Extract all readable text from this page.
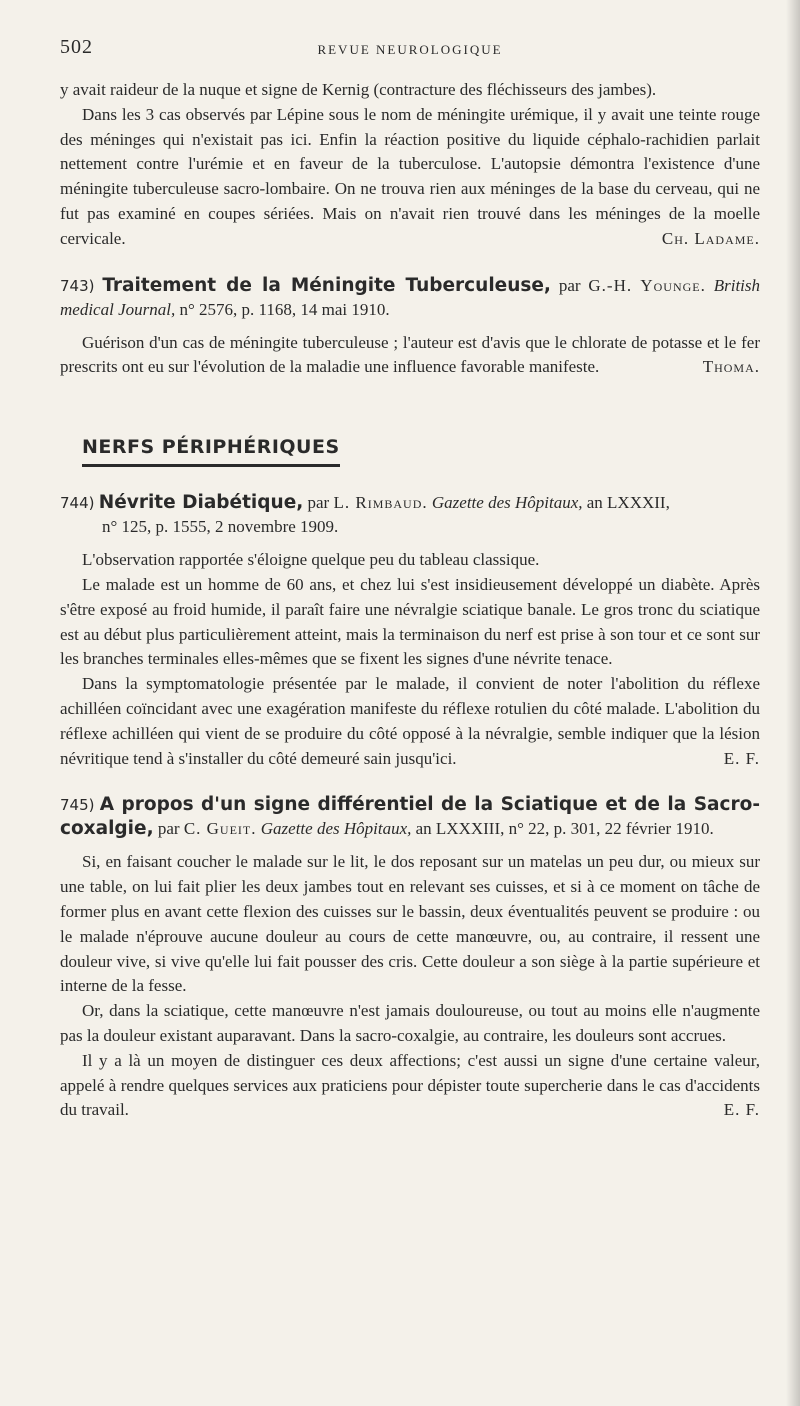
502	REVUE NEUROLOGIQUE

y avait raideur de la nuque et signe de Kernig (contracture des fléchisseurs des jambes).

Dans les 3 cas observés par Lépine sous le nom de méningite urémique, il y avait une teinte rouge des méninges qui n'existait pas ici. Enfin la réaction positive du liquide céphalo-rachidien parlait nettement contre l'urémie et en faveur de la tuberculose. L'autopsie démontra l'existence d'une méningite tuberculeuse sacro-lombaire. On ne trouva rien aux méninges de la base du cerveau, qui ne fut pas examiné en coupes sériées. Mais on n'avait rien trouvé dans les méninges de la moelle cervicale.	Ch. Ladame.

743) Traitement de la Méningite Tuberculeuse, par G.-H. Younge. British medical Journal, n° 2576, p. 1168, 14 mai 1910.

Guérison d'un cas de méningite tuberculeuse ; l'auteur est d'avis que le chlorate de potasse et le fer prescrits ont eu sur l'évolution de la maladie une influence favorable manifeste.	Thoma.

NERFS PÉRIPHÉRIQUES
744) Névrite Diabétique, par L. Rimbaud. Gazette des Hôpitaux, an LXXXII,
n° 125, p. 1555, 2 novembre 1909.

L'observation rapportée s'éloigne quelque peu du tableau classique.

Le malade est un homme de 60 ans, et chez lui s'est insidieusement développé un diabète. Après s'être exposé au froid humide, il paraît faire une névralgie sciatique banale. Le gros tronc du sciatique est au début plus particulièrement atteint, mais la terminaison du nerf est prise à son tour et ce sont sur les branches terminales elles-mêmes que se fixent les signes d'une névrite tenace.

Dans la symptomatologie présentée par le malade, il convient de noter l'abolition du réflexe achilléen coïncidant avec une exagération manifeste du réflexe rotulien du côté malade. L'abolition du réflexe achilléen qui vient de se produire du côté opposé à la névralgie, semble indiquer que la lésion névritique tend à s'installer du côté demeuré sain jusqu'ici.	E. F.

745) A propos d'un signe différentiel de la Sciatique et de la Sacro-coxalgie, par C. Gueit. Gazette des Hôpitaux, an LXXXIII, n° 22, p. 301, 22 février 1910.

Si, en faisant coucher le malade sur le lit, le dos reposant sur un matelas un peu dur, ou mieux sur une table, on lui fait plier les deux jambes tout en relevant ses cuisses, et si à ce moment on tâche de former plus en avant cette flexion des cuisses sur le bassin, deux éventualités peuvent se produire : ou le malade n'éprouve aucune douleur au cours de cette manœuvre, ou, au contraire, il ressent une douleur vive, si vive qu'elle lui fait pousser des cris. Cette douleur a son siège à la partie supérieure et interne de la fesse.

Or, dans la sciatique, cette manœuvre n'est jamais douloureuse, ou tout au moins elle n'augmente pas la douleur existant auparavant. Dans la sacro-coxalgie, au contraire, les douleurs sont accrues.

Il y a là un moyen de distinguer ces deux affections; c'est aussi un signe d'une certaine valeur, appelé à rendre quelques services aux praticiens pour dépister toute supercherie dans le cas d'accidents du travail.	E. F.
